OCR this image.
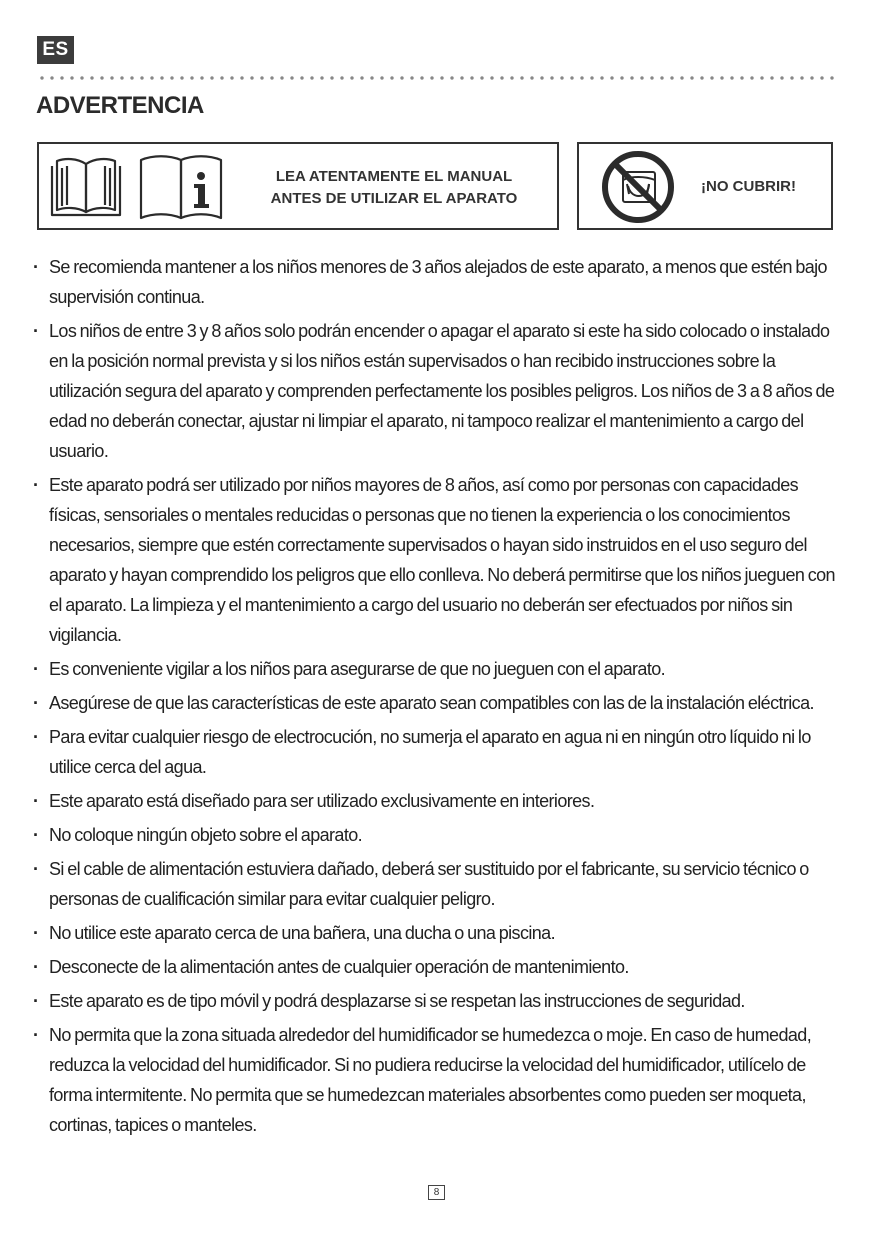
ES
ADVERTENCIA
LEA ATENTAMENTE EL MANUAL
ANTES DE UTILIZAR EL APARATO
¡NO CUBRIR!
· Se recomienda mantener a los niños menores de 3 años alejados de este aparato, a menos que estén bajo supervisión continua.
· Los niños de entre 3 y 8 años solo podrán encender o apagar el aparato si este ha sido colocado o instalado en la posición normal prevista y si los niños están supervisados o han recibido instrucciones sobre la utilización segura del aparato y comprenden perfectamente los posibles peligros. Los niños de 3 a 8 años de edad no deberán conectar, ajustar ni limpiar el aparato, ni tampoco realizar el mantenimiento a cargo del usuario.
· Este aparato podrá ser utilizado por niños mayores de 8 años, así como por personas con capacidades físicas, sensoriales o mentales reducidas o personas que no tienen la experiencia o los conocimientos necesarios, siempre que estén correctamente supervisados o hayan sido instruidos en el uso seguro del aparato y hayan comprendido los peligros que ello conlleva. No deberá permitirse que los niños jueguen con el aparato. La limpieza y el mantenimiento a cargo del usuario no deberán ser efectuados por niños sin vigilancia.
· Es conveniente vigilar a los niños para asegurarse de que no jueguen con el aparato.
· Asegúrese de que las características de este aparato sean compatibles con las de la instalación eléctrica.
· Para evitar cualquier riesgo de electrocución, no sumerja el aparato en agua ni en ningún otro líquido ni lo utilice cerca del agua.
· Este aparato está diseñado para ser utilizado exclusivamente en interiores.
· No coloque ningún objeto sobre el aparato.
· Si el cable de alimentación estuviera dañado, deberá ser sustituido por el fabricante, su servicio técnico o personas de cualificación similar para evitar cualquier peligro.
· No utilice este aparato cerca de una bañera, una ducha o una piscina.
· Desconecte de la alimentación antes de cualquier operación de mantenimiento.
· Este aparato es de tipo móvil y podrá desplazarse si se respetan las instrucciones de seguridad.
· No permita que la zona situada alrededor del humidificador se humedezca o moje. En caso de humedad, reduzca la velocidad del humidificador. Si no pudiera reducirse la velocidad del humidificador, utilícelo de forma intermitente. No permita que se humedezcan materiales absorbentes como pueden ser moqueta, cortinas, tapices o manteles.
8
